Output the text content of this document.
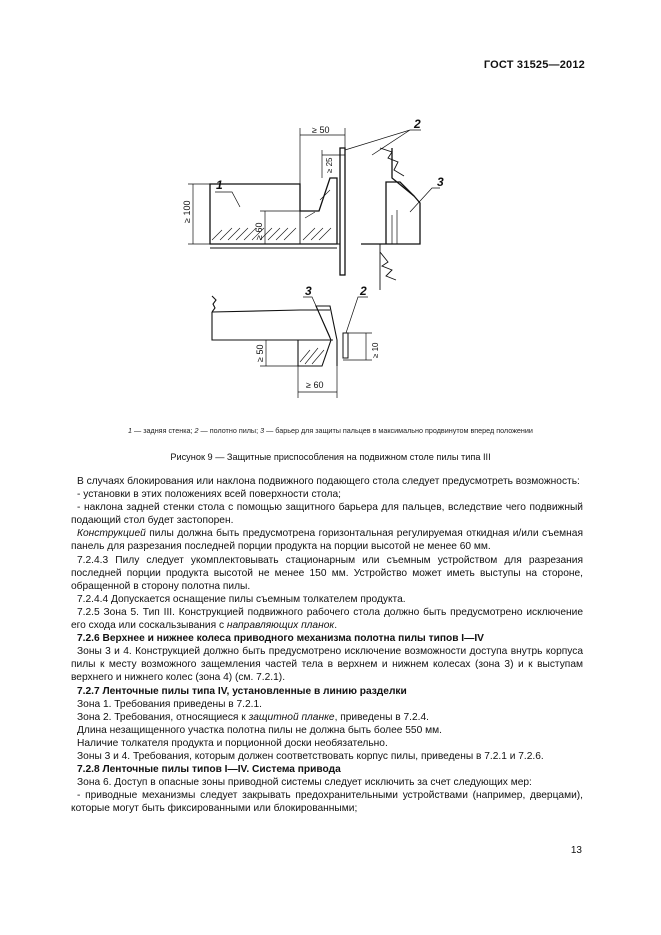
ГОСТ 31525—2012
≥ 50
≥ 25
≥ 100
≥ 60
1
2
3
3	2
≥ 10
≥ 50
≥ 60
1 — задняя стенка; 2 — полотно пилы; 3 — барьер для защиты пальцев в максимально продвинутом вперед положении
Рисунок 9 — Защитные приспособления на подвижном столе пилы типа III

В случаях блокирования или наклона подвижного подающего стола следует предусмотреть возможность:

- установки в этих положениях всей поверхности стола;

- наклона задней стенки стола с помощью защитного барьера для пальцев, вследствие чего подвижный подающий стол будет застопорен.

Конструкцией пилы должна быть предусмотрена горизонтальная регулируемая откидная и/или съемная панель для разрезания последней порции продукта на порции высотой не менее 60 мм.

7.2.4.3 Пилу следует укомплектовывать стационарным или съемным устройством для разрезания последней порции продукта высотой не менее 150 мм. Устройство может иметь выступы на стороне, обращенной в сторону полотна пилы.

7.2.4.4 Допускается оснащение пилы съемным толкателем продукта.

7.2.5 Зона 5. Тип III. Конструкцией подвижного рабочего стола должно быть предусмотрено исключение его схода или соскальзывания с направляющих планок.

7.2.6 Верхнее и нижнее колеса приводного механизма полотна пилы типов I—IV

Зоны 3 и 4. Конструкцией должно быть предусмотрено исключение возможности доступа внутрь корпуса пилы к месту возможного защемления частей тела в верхнем и нижнем колесах (зона 3) и к выступам верхнего и нижнего колес (зона 4) (см. 7.2.1).

7.2.7 Ленточные пилы типа IV, установленные в линию разделки

Зона 1. Требования приведены в 7.2.1.

Зона 2. Требования, относящиеся к защитной планке, приведены в 7.2.4.

Длина незащищенного участка полотна пилы не должна быть более 550 мм.

Наличие толкателя продукта и порционной доски необязательно.

Зоны 3 и 4. Требования, которым должен соответствовать корпус пилы, приведены в 7.2.1 и 7.2.6.

7.2.8 Ленточные пилы типов I—IV. Система привода

Зона 6. Доступ в опасные зоны приводной системы следует исключить за счет следующих мер:

- приводные механизмы следует закрывать предохранительными устройствами (например, дверцами), которые могут быть фиксированными или блокированными;

13
